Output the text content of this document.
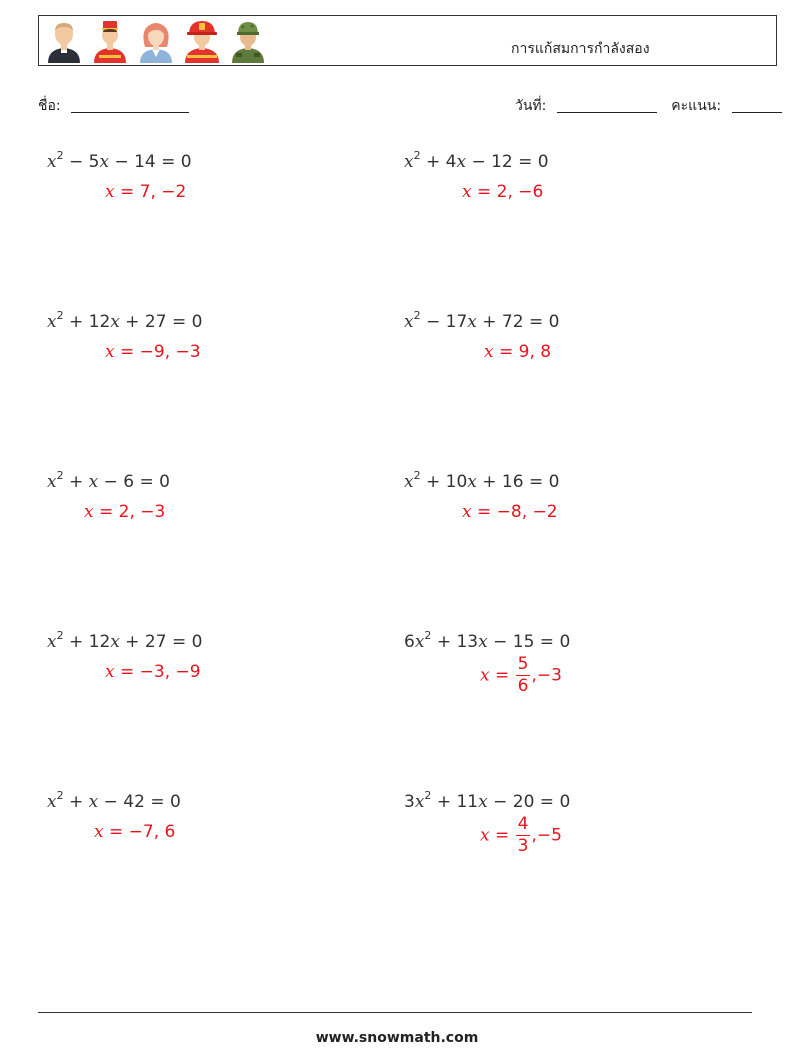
การแก้สมการกำลังสอง
ชื่อ:	วันที่:	คะแนน:
$x^2 - 5x - 14 = 0$
x = 7, −2
$x^2 + 4x - 12 = 0$
x = 2, −6
$x^2 + 12x + 27 = 0$
x = −9, −3
$x^2 - 17x + 72 = 0$
x = 9, 8
$x^2 + x - 6 = 0$
x = 2, −3
$x^2 + 10x + 16 = 0$
x = −8, −2
$x^2 + 12x + 27 = 0$
x = −3, −9
$6x^2 + 13x - 15 = 0$
$x = \frac{5}{6} ,-3$
$x^2 + x - 42 = 0$
x = −7, 6
$3x^2 + 11x - 20 = 0$
$x = \frac{4}{3} ,-5$
www.snowmath.com
